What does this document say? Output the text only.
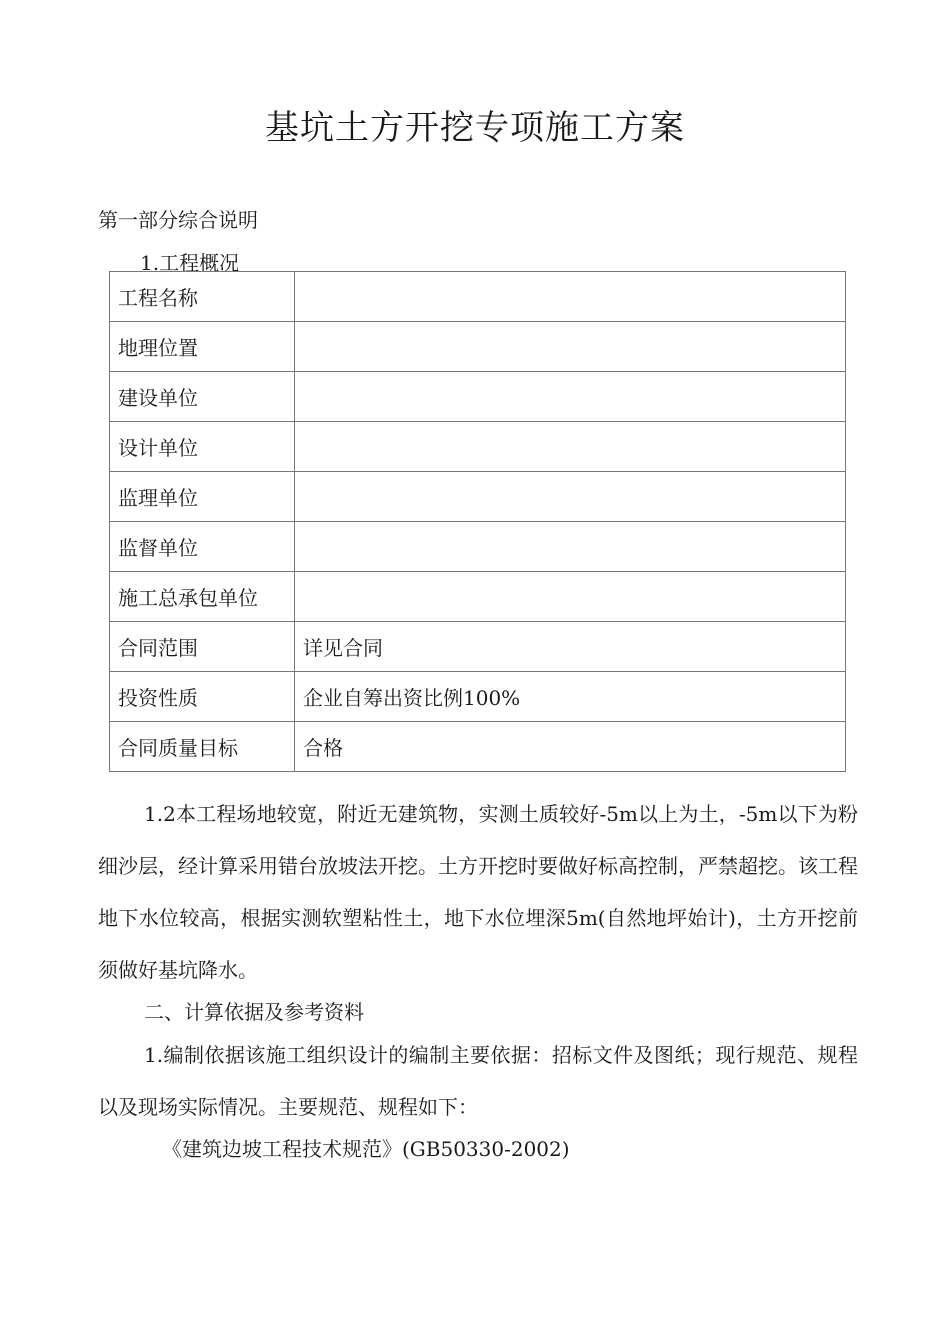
基坑土方开挖专项施工方案
第一部分综合说明
1.工程概况
工程名称	
地理位置	
建设单位	
设计单位	
监理单位	
监督单位	
施工总承包单位	
合同范围	详见合同
投资性质	企业自筹出资比例100%
合同质量目标	合格
1.2本工程场地较宽，附近无建筑物，实测土质较好-5m以上为土，-5m以下为粉细沙层，经计算采用错台放坡法开挖。土方开挖时要做好标高控制，严禁超挖。该工程地下水位较高，根据实测软塑粘性土，地下水位埋深5m(自然地坪始计)，土方开挖前须做好基坑降水。
二、计算依据及参考资料
1.编制依据该施工组织设计的编制主要依据：招标文件及图纸；现行规范、规程以及现场实际情况。主要规范、规程如下：
《建筑边坡工程技术规范》(GB50330-2002)
